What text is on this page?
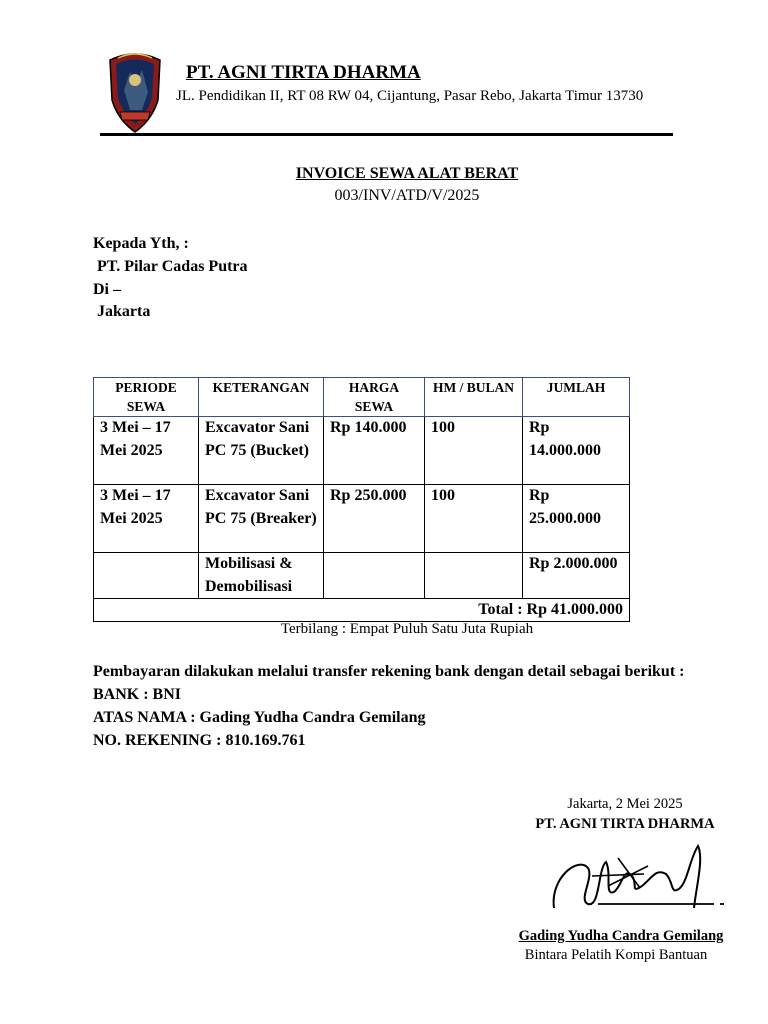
PT. AGNI TIRTA DHARMA
JL. Pendidikan II, RT 08 RW 04, Cijantung, Pasar Rebo, Jakarta Timur 13730
INVOICE SEWA ALAT BERAT
003/INV/ATD/V/2025
Kepada Yth, :
PT. Pilar Cadas Putra
Di –
Jakarta
PERIODE SEWA	KETERANGAN	HARGA SEWA	HM / BULAN	JUMLAH
3 Mei – 17 Mei 2025	Excavator Sani PC 75 (Bucket)	Rp 140.000	100	Rp 14.000.000
3 Mei – 17 Mei 2025	Excavator Sani PC 75 (Breaker)	Rp 250.000	100	Rp 25.000.000
	Mobilisasi & Demobilisasi			Rp 2.000.000
Total : Rp 41.000.000				
Terbilang : Empat Puluh Satu Juta Rupiah
Pembayaran dilakukan melalui transfer rekening bank dengan detail sebagai berikut :
BANK : BNI
ATAS NAMA : Gading Yudha Candra Gemilang
NO. REKENING : 810.169.761
Jakarta, 2 Mei 2025
PT. AGNI TIRTA DHARMA
Gading Yudha Candra Gemilang
Bintara Pelatih Kompi Bantuan
